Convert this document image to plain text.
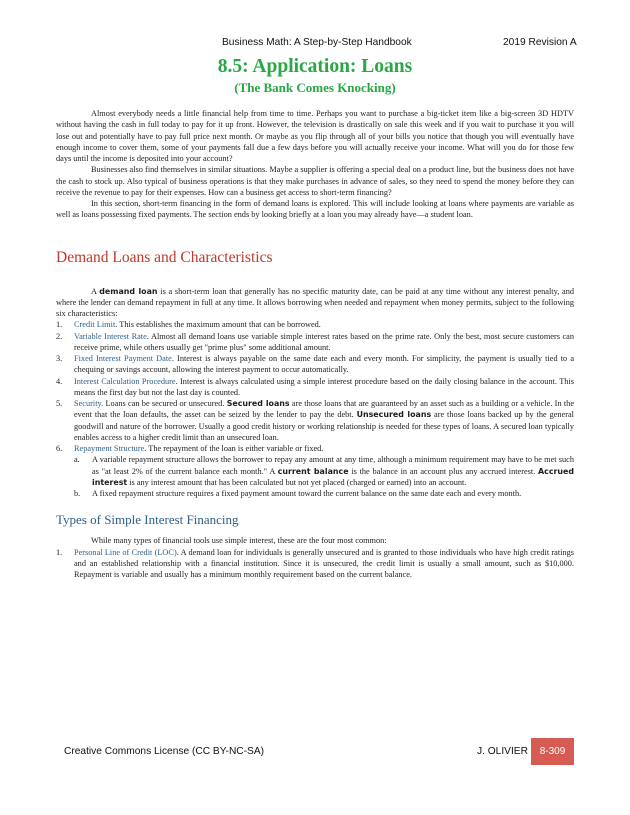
Business Math: A Step-by-Step Handbook	2019 Revision A
8.5: Application: Loans
(The Bank Comes Knocking)

Almost everybody needs a little financial help from time to time. Perhaps you want to purchase a big-ticket item like a big-screen 3D HDTV without having the cash in full today to pay for it up front. However, the television is drastically on sale this week and if you wait to purchase it you will lose out and potentially have to pay full price next month. Or maybe as you flip through all of your bills you notice that though you will eventually have enough income to cover them, some of your payments fall due a few days before you will actually receive your income. What will you do for those few days until the income is deposited into your account?

Businesses also find themselves in similar situations. Maybe a supplier is offering a special deal on a product line, but the business does not have the cash to stock up. Also typical of business operations is that they make purchases in advance of sales, so they need to spend the money before they can receive the revenue to pay for their expenses. How can a business get access to short-term financing?

In this section, short-term financing in the form of demand loans is explored. This will include looking at loans where payments are variable as well as loans possessing fixed payments. The section ends by looking briefly at a loan you may already have—a student loan.

Demand Loans and Characteristics

A demand loan is a short-term loan that generally has no specific maturity date, can be paid at any time without any interest penalty, and where the lender can demand repayment in full at any time. It allows borrowing when needed and repayment when money permits, subject to the following six characteristics:

1. Credit Limit. This establishes the maximum amount that can be borrowed.
2. Variable Interest Rate. Almost all demand loans use variable simple interest rates based on the prime rate. Only the best, most secure customers can receive prime, while others usually get "prime plus" some additional amount.
3. Fixed Interest Payment Date. Interest is always payable on the same date each and every month. For simplicity, the payment is usually tied to a chequing or savings account, allowing the interest payment to occur automatically.
4. Interest Calculation Procedure. Interest is always calculated using a simple interest procedure based on the daily closing balance in the account. This means the first day but not the last day is counted.
5. Security. Loans can be secured or unsecured. Secured loans are those loans that are guaranteed by an asset such as a building or a vehicle. In the event that the loan defaults, the asset can be seized by the lender to pay the debt. Unsecured loans are those loans backed up by the general goodwill and nature of the borrower. Usually a good credit history or working relationship is needed for these types of loans. A secured loan typically enables access to a higher credit limit than an unsecured loan.
6. Repayment Structure. The repayment of the loan is either variable or fixed.
a. A variable repayment structure allows the borrower to repay any amount at any time, although a minimum requirement may have to be met such as "at least 2% of the current balance each month." A current balance is the balance in an account plus any accrued interest. Accrued interest is any interest amount that has been calculated but not yet placed (charged or earned) into an account.
b. A fixed repayment structure requires a fixed payment amount toward the current balance on the same date each and every month.
Types of Simple Interest Financing

While many types of financial tools use simple interest, these are the four most common:

1. Personal Line of Credit (LOC). A demand loan for individuals is generally unsecured and is granted to those individuals who have high credit ratings and an established relationship with a financial institution. Since it is unsecured, the credit limit is usually a small amount, such as $10,000. Repayment is variable and usually has a minimum monthly requirement based on the current balance.
Creative Commons License (CC BY-NC-SA)	J. OLIVIER	8-309
